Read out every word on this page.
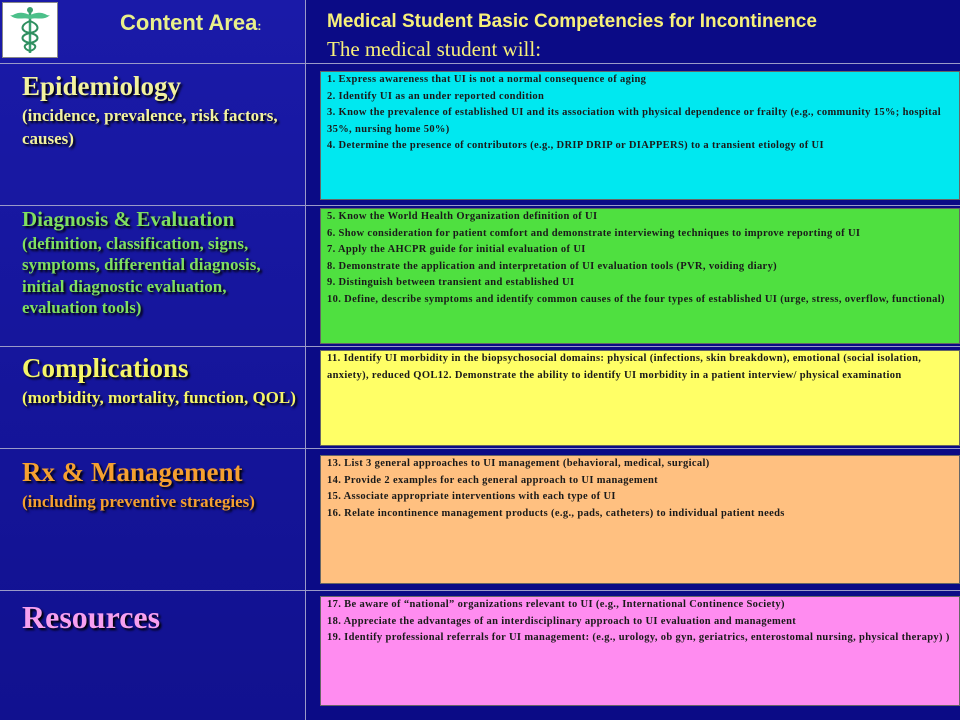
Content Area:	Medical Student Basic Competencies for Incontinence
The medical student will:
Epidemiology
(incidence, prevalence, risk factors, causes)
1. Express awareness that UI is not a normal consequence of aging
2. Identify UI as an under reported condition
3. Know the prevalence of established UI and its association with physical dependence or frailty (e.g., community 15%; hospital 35%, nursing home 50%)
4. Determine the presence of contributors (e.g., DRIP DRIP or DIAPPERS) to a transient etiology of UI
Diagnosis & Evaluation
(definition, classification, signs, symptoms, differential diagnosis, initial diagnostic evaluation, evaluation tools)
5. Know the World Health Organization definition of UI
6. Show consideration for patient comfort and demonstrate interviewing techniques to improve reporting of UI
7. Apply the AHCPR guide for initial evaluation of UI
8. Demonstrate the application and interpretation of UI evaluation tools (PVR, voiding diary)
9. Distinguish between transient and established UI
10. Define, describe symptoms and identify common causes of the four types of established UI (urge, stress, overflow, functional)
Complications
(morbidity, mortality, function, QOL)
11. Identify UI morbidity in the biopsychosocial domains: physical (infections, skin breakdown), emotional (social isolation, anxiety), reduced QOL12. Demonstrate the ability to identify UI morbidity in a patient interview/ physical examination
Rx & Management
(including preventive strategies)
13. List 3 general approaches to UI management (behavioral, medical, surgical)
14. Provide 2 examples for each general approach to UI management
15. Associate appropriate interventions with each type of UI
16. Relate incontinence management products (e.g., pads, catheters) to individual patient needs
Resources	17. Be aware of “national” organizations relevant to UI (e.g., International Continence Society)
18. Appreciate the advantages of an interdisciplinary approach to UI evaluation and management
19. Identify professional referrals for UI management: (e.g., urology, ob gyn, geriatrics, enterostomal nursing, physical therapy) )
